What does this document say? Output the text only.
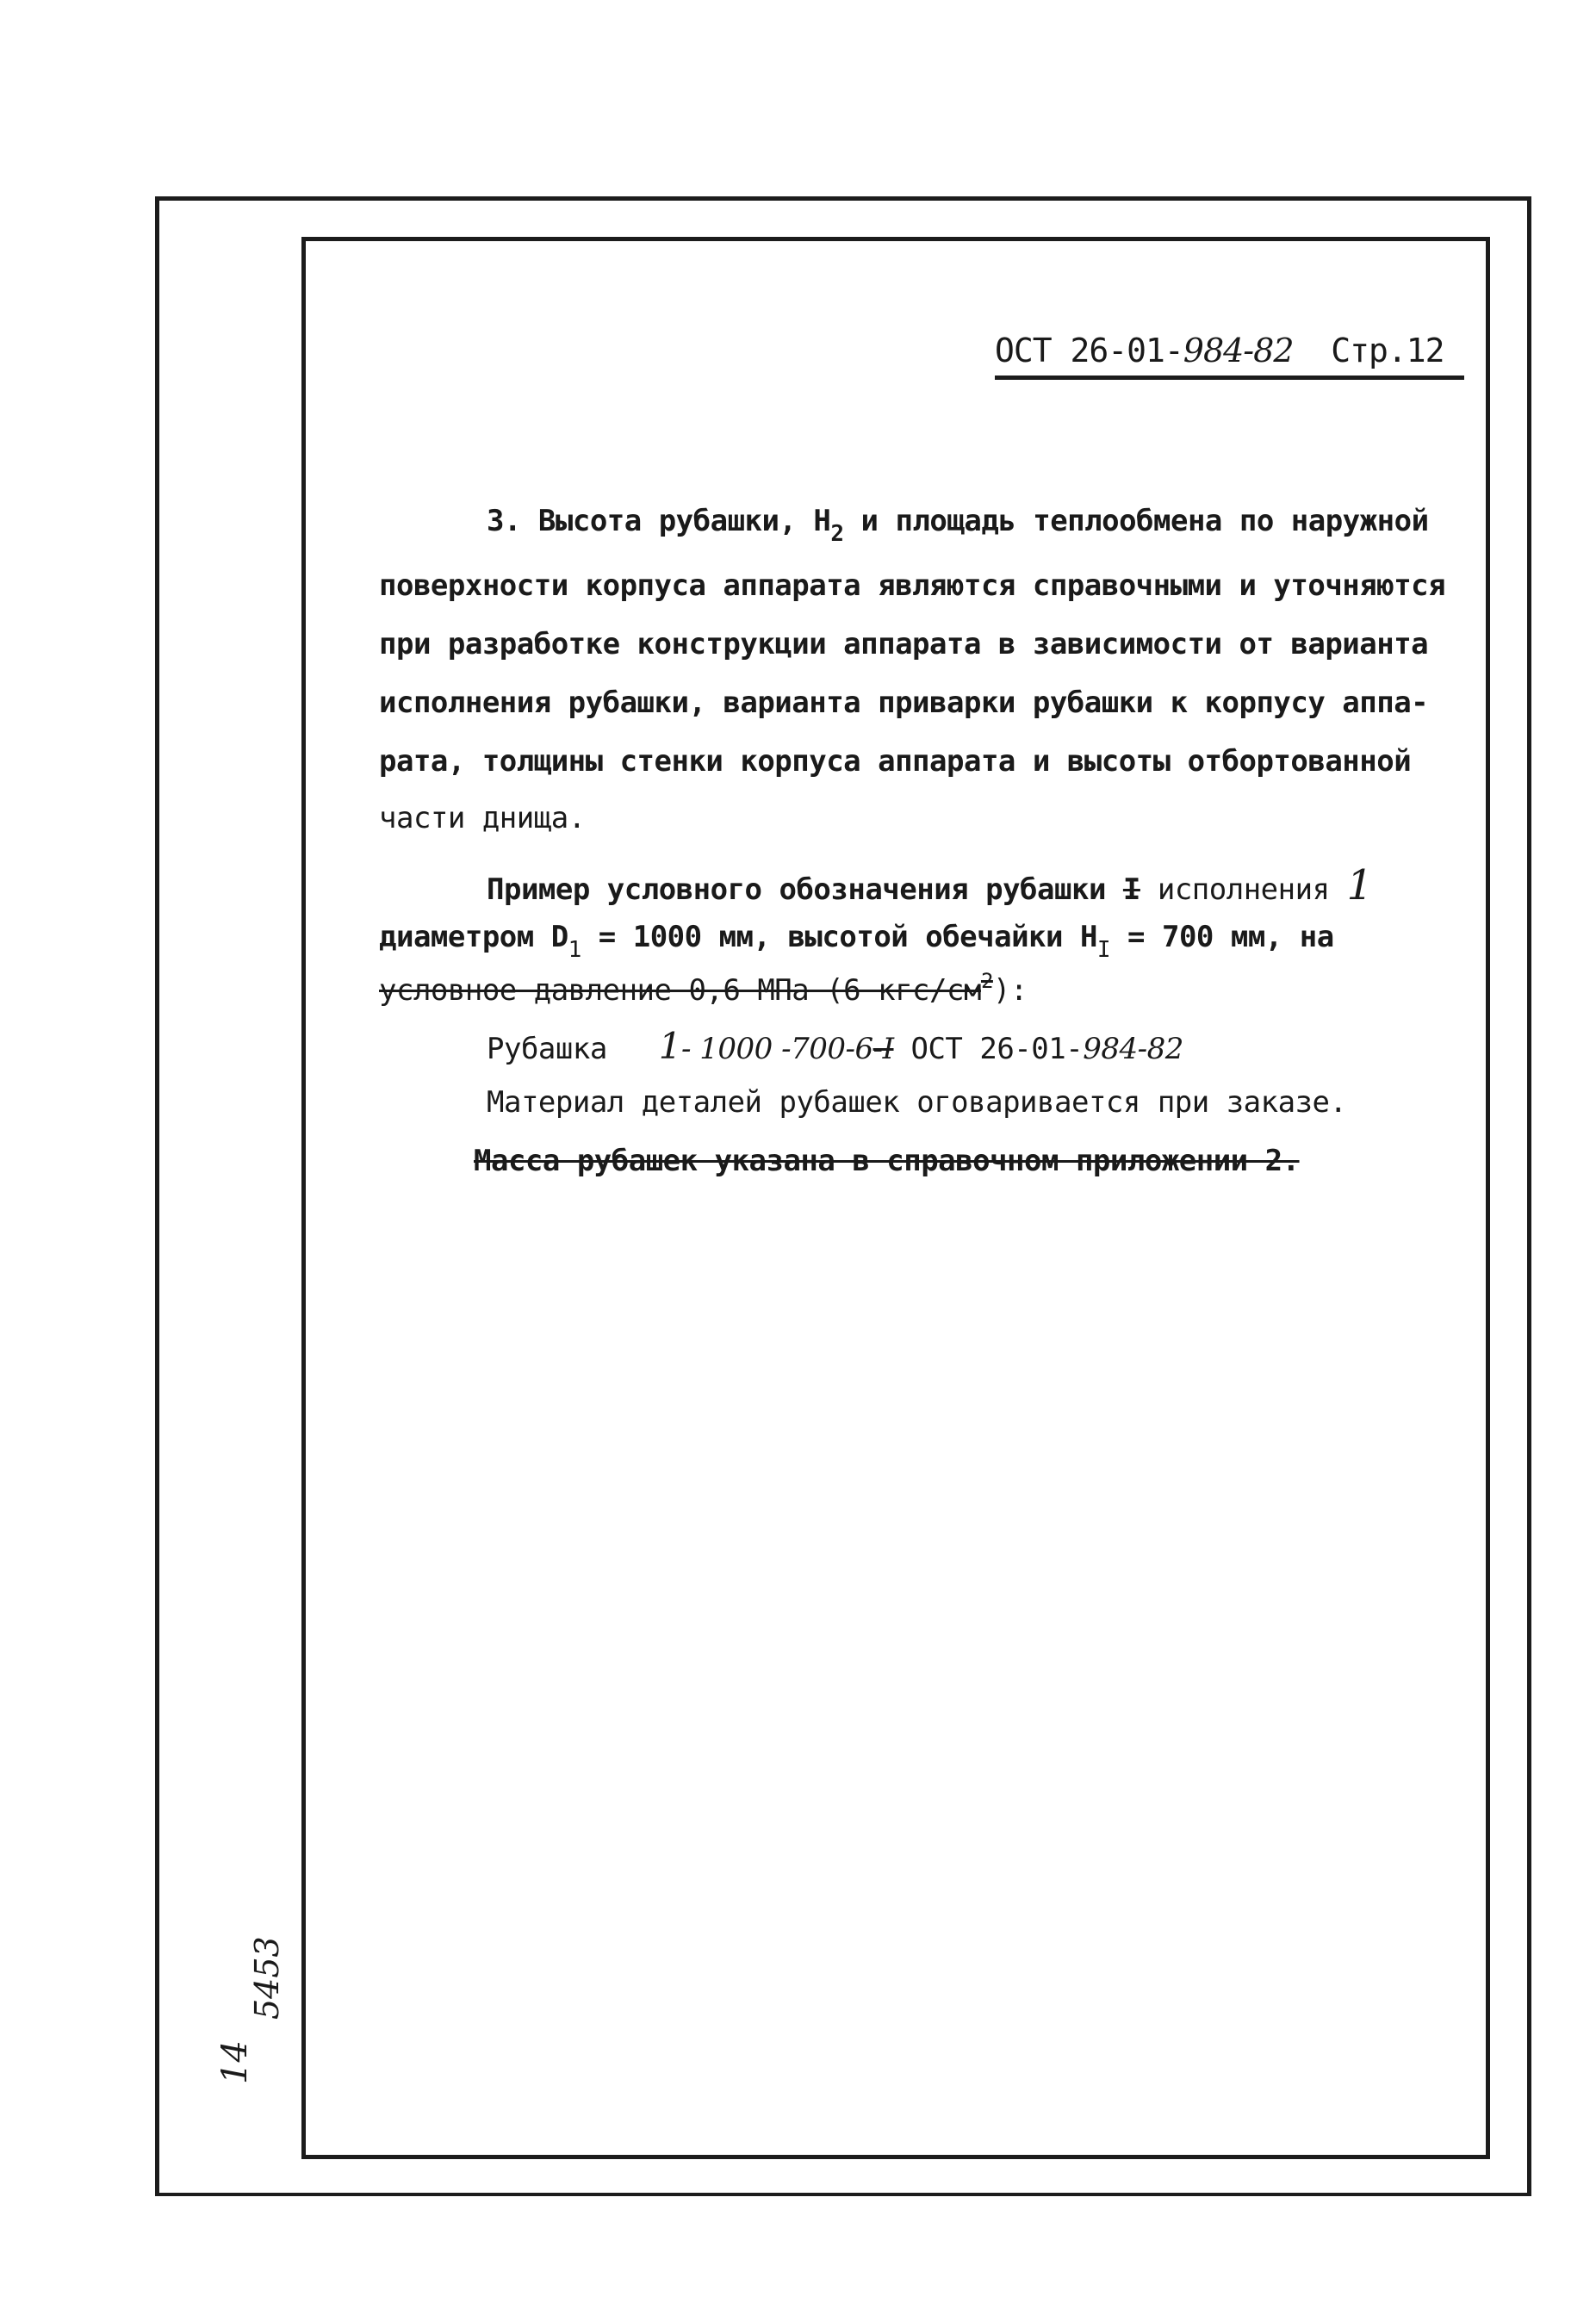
ОСТ 26-01-984-82 Стр.12
3. Высота рубашки, $Н_2$ и площадь теплообмена по наружной
поверхности корпуса аппарата являются справочными и уточняются
при разработке конструкции аппарата в зависимости от варианта
исполнения рубашки, варианта приварки рубашки к корпусу аппа-
рата, толщины стенки корпуса аппарата и высоты отбортованной
части днища.
Пример условного обозначения рубашки I исполнения 1
диаметром $D_1 = 1000$ мм, высотой обечайки $Н_I = 700$ мм, на
условное давление 0,6 МПа (6 кгс/$см^2$):
Рубашка 1- 1000 -700-6-I ОСТ 26-01-984-82
Материал деталей рубашек оговаривается при заказе.
Масса рубашек указана в справочном приложении 2.
5453
14
